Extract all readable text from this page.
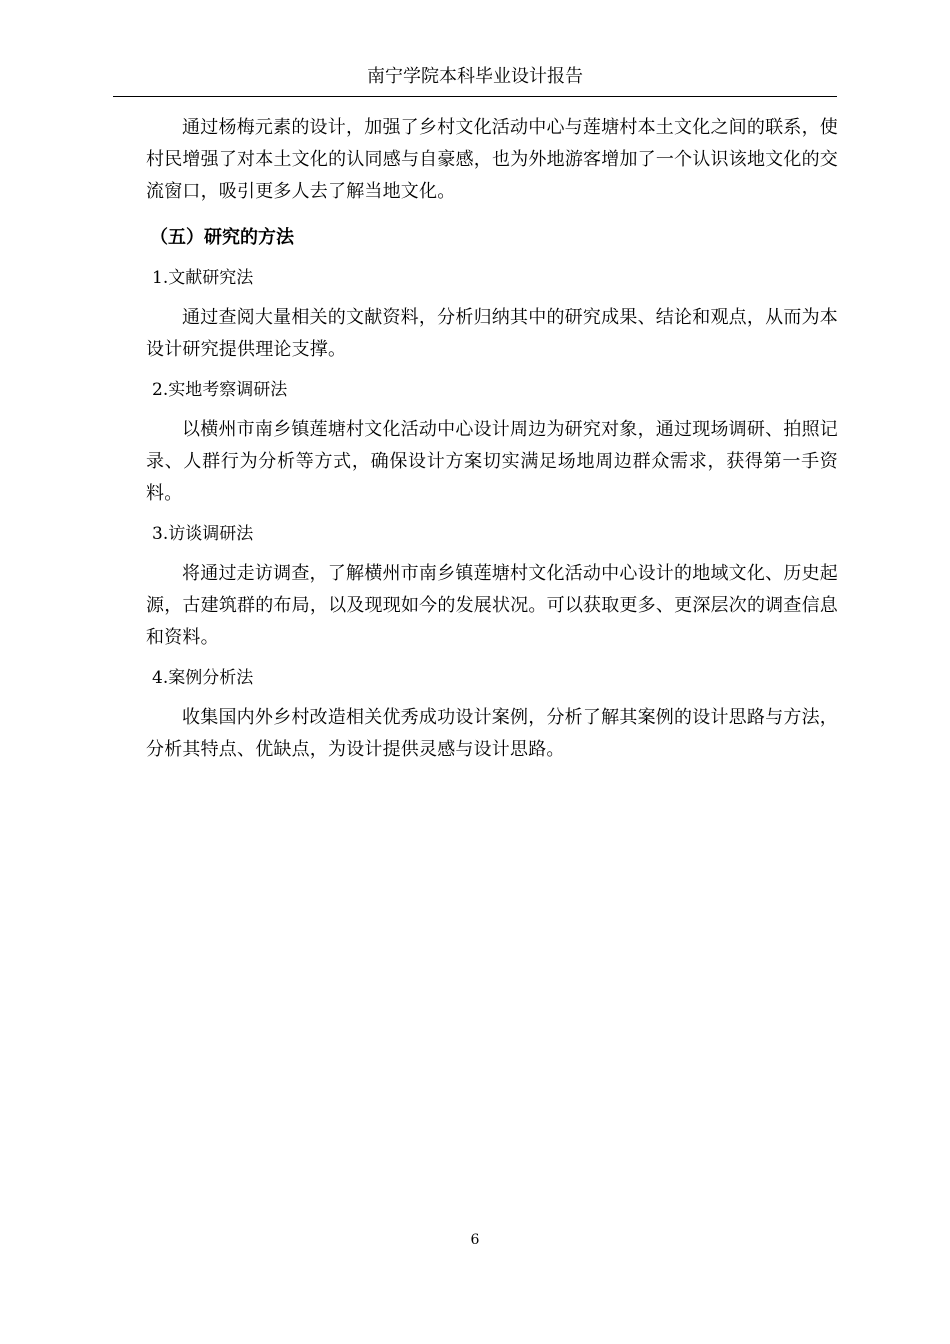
南宁学院本科毕业设计报告

通过杨梅元素的设计，加强了乡村文化活动中心与莲塘村本土文化之间的联系，使村民增强了对本土文化的认同感与自豪感，也为外地游客增加了一个认识该地文化的交流窗口，吸引更多人去了解当地文化。

（五）研究的方法
1.文献研究法

通过查阅大量相关的文献资料，分析归纳其中的研究成果、结论和观点，从而为本设计研究提供理论支撑。

2.实地考察调研法

以横州市南乡镇莲塘村文化活动中心设计周边为研究对象，通过现场调研、拍照记录、人群行为分析等方式，确保设计方案切实满足场地周边群众需求，获得第一手资料。

3.访谈调研法

将通过走访调查，了解横州市南乡镇莲塘村文化活动中心设计的地域文化、历史起源，古建筑群的布局，以及现现如今的发展状况。可以获取更多、更深层次的调查信息和资料。

4.案例分析法

收集国内外乡村改造相关优秀成功设计案例，分析了解其案例的设计思路与方法，分析其特点、优缺点，为设计提供灵感与设计思路。

6
